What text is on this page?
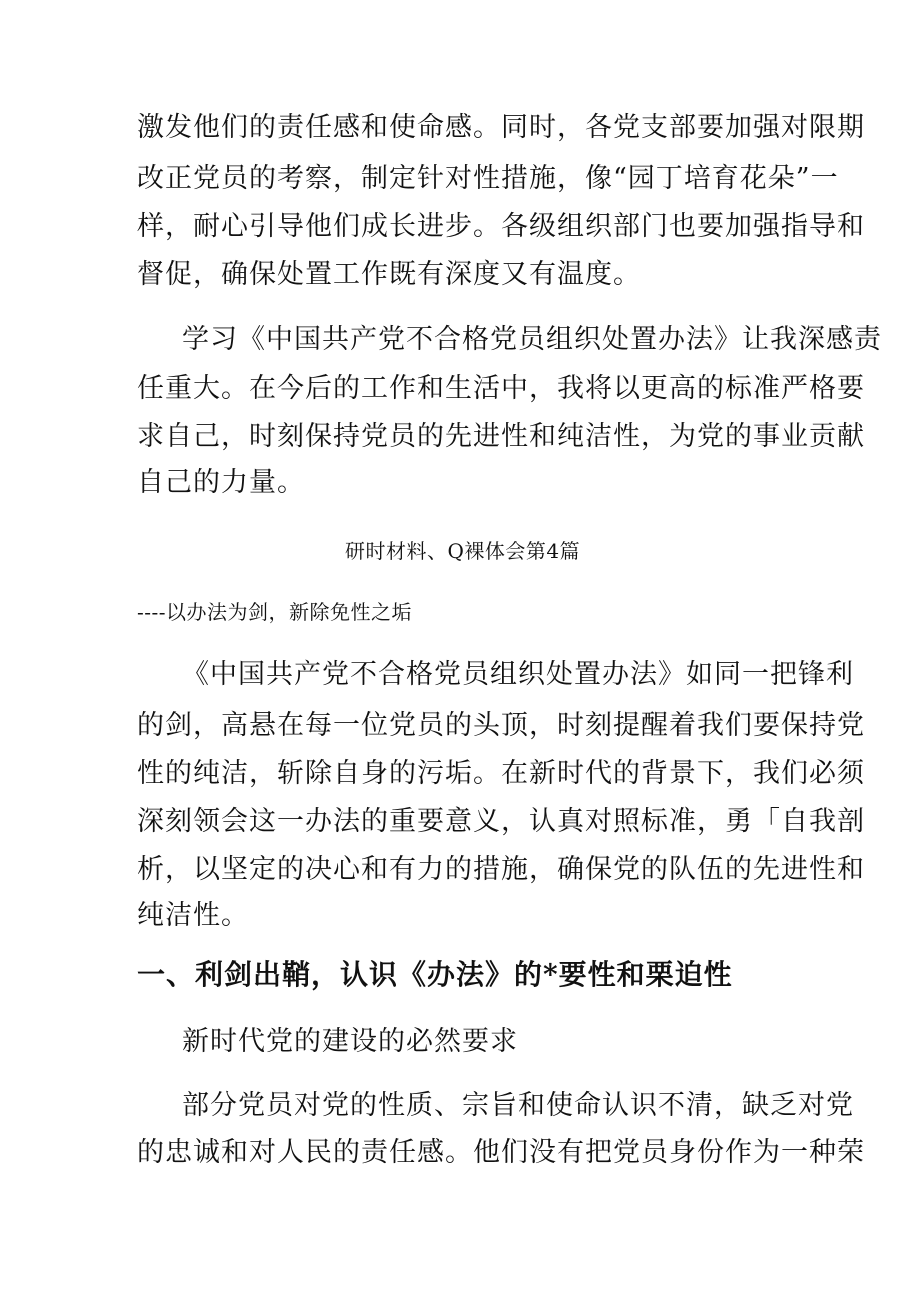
激发他们的责任感和使命感。同时，各党支部要加强对限期
改正党员的考察，制定针对性措施，像“园丁培育花朵”一
样，耐心引导他们成长进步。各级组织部门也要加强指导和
督促，确保处置工作既有深度又有温度。
学习《中国共产党不合格党员组织处置办法》让我深感责
任重大。在今后的工作和生活中，我将以更高的标准严格要
求自己，时刻保持党员的先进性和纯洁性，为党的事业贡献
自己的力量。
研时材料、Q裸体会第4篇
----以办法为剑，新除免性之垢
《中国共产党不合格党员组织处置办法》如同一把锋利
的剑，高悬在每一位党员的头顶，时刻提醒着我们要保持党
性的纯洁，斩除自身的污垢。在新时代的背景下，我们必须
深刻领会这一办法的重要意义，认真对照标准，勇「自我剖
析，以坚定的决心和有力的措施，确保党的队伍的先进性和
纯洁性。
一、利剑出鞘，认识《办法》的*要性和栗迫性
新时代党的建设的必然要求
部分党员对党的性质、宗旨和使命认识不清，缺乏对党
的忠诚和对人民的责任感。他们没有把党员身份作为一种荣
